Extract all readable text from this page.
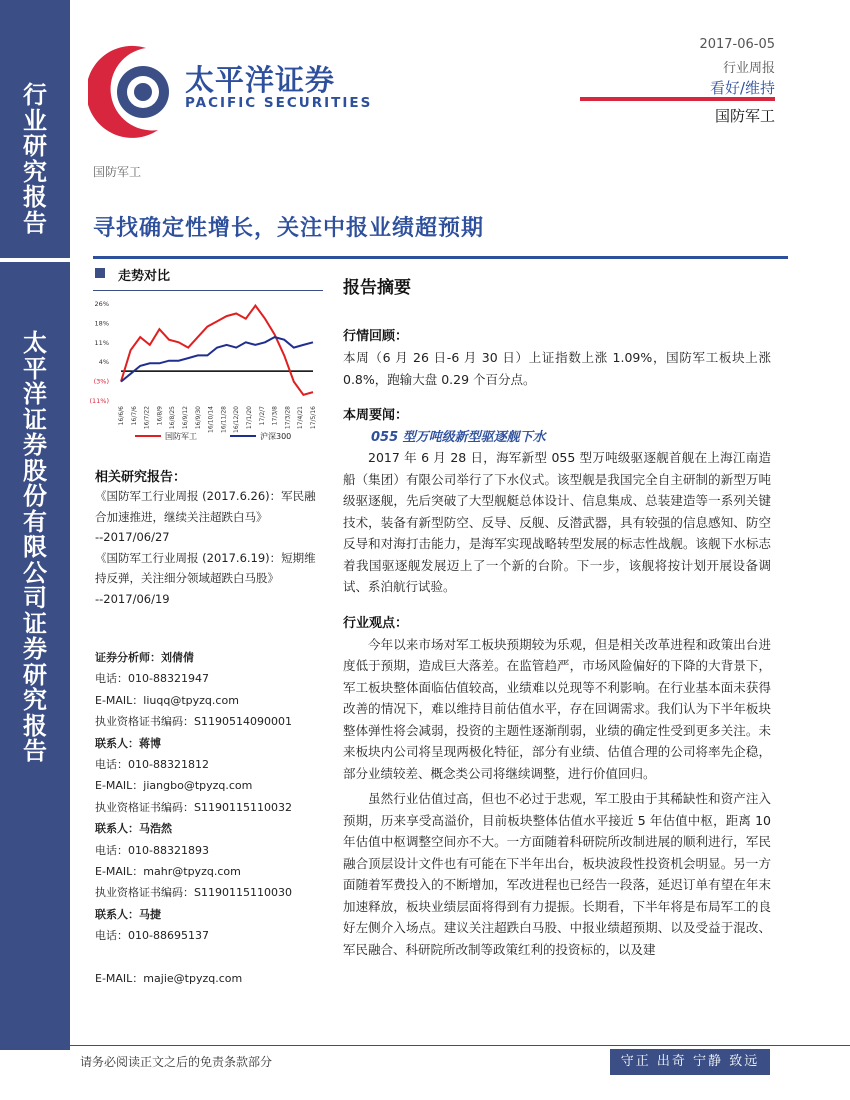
行业研究报告
太平洋证券股份有限公司证券研究报告
太平洋证券
PACIFIC SECURITIES
2017-06-05
行业周报
看好/维持
国防军工
国防军工
寻找确定性增长，关注中报业绩超预期
走势对比
26%
18%
11%
4%
(3%)
(11%)
16/6/6 16/7/6 16/7/22 16/8/9 16/8/25 16/9/12 16/9/30 16/10/14 16/11/28 16/12/20 17/1/20 17/2/7 17/3/8 17/3/28 17/4/21 17/5/16
国防军工	沪深300
相关研究报告：
《国防军工行业周报 (2017.6.26)：军民融合加速推进，继续关注超跌白马》
--2017/06/27
《国防军工行业周报 (2017.6.19)：短期维持反弹，关注细分领域超跌白马股》
--2017/06/19
证券分析师：刘倩倩
电话：010-88321947
E-MAIL：liuqq@tpyzq.com
执业资格证书编码：S1190514090001
联系人：蒋博
电话：010-88321812
E-MAIL：jiangbo@tpyzq.com
执业资格证书编码：S1190115110032
联系人：马浩然
电话：010-88321893
E-MAIL：mahr@tpyzq.com
执业资格证书编码：S1190115110030
联系人：马捷
电话：010-88695137
E-MAIL：majie@tpyzq.com
报告摘要
行情回顾：
本周（6 月 26 日-6 月 30 日）上证指数上涨 1.09%，国防军工板块上涨 0.8%，跑输大盘 0.29 个百分点。
本周要闻：
055 型万吨级新型驱逐舰下水
2017 年 6 月 28 日，海军新型 055 型万吨级驱逐舰首舰在上海江南造船（集团）有限公司举行了下水仪式。该型舰是我国完全自主研制的新型万吨级驱逐舰，先后突破了大型舰艇总体设计、信息集成、总装建造等一系列关键技术，装备有新型防空、反导、反舰、反潜武器，具有较强的信息感知、防空反导和对海打击能力，是海军实现战略转型发展的标志性战舰。该舰下水标志着我国驱逐舰发展迈上了一个新的台阶。下一步，该舰将按计划开展设备调试、系泊航行试验。
行业观点：
今年以来市场对军工板块预期较为乐观，但是相关改革进程和政策出台进度低于预期，造成巨大落差。在监管趋严，市场风险偏好的下降的大背景下，军工板块整体面临估值较高，业绩难以兑现等不利影响。在行业基本面未获得改善的情况下，难以维持目前估值水平，存在回调需求。我们认为下半年板块整体弹性将会减弱，投资的主题性逐渐削弱，业绩的确定性受到更多关注。未来板块内公司将呈现两极化特征，部分有业绩、估值合理的公司将率先企稳，部分业绩较差、概念类公司将继续调整，进行价值回归。
虽然行业估值过高，但也不必过于悲观，军工股由于其稀缺性和资产注入预期，历来享受高溢价，目前板块整体估值水平接近 5 年估值中枢，距离 10 年估值中枢调整空间亦不大。一方面随着科研院所改制进展的顺利进行，军民融合顶层设计文件也有可能在下半年出台，板块波段性投资机会明显。另一方面随着军费投入的不断增加，军改进程也已经告一段落，延迟订单有望在年末加速释放，板块业绩层面将得到有力提振。长期看，下半年将是布局军工的良好左侧介入场点。建议关注超跌白马股、中报业绩超预期、以及受益于混改、军民融合、科研院所改制等政策红利的投资标的，以及建
请务必阅读正文之后的免责条款部分	守正 出奇 宁静 致远
